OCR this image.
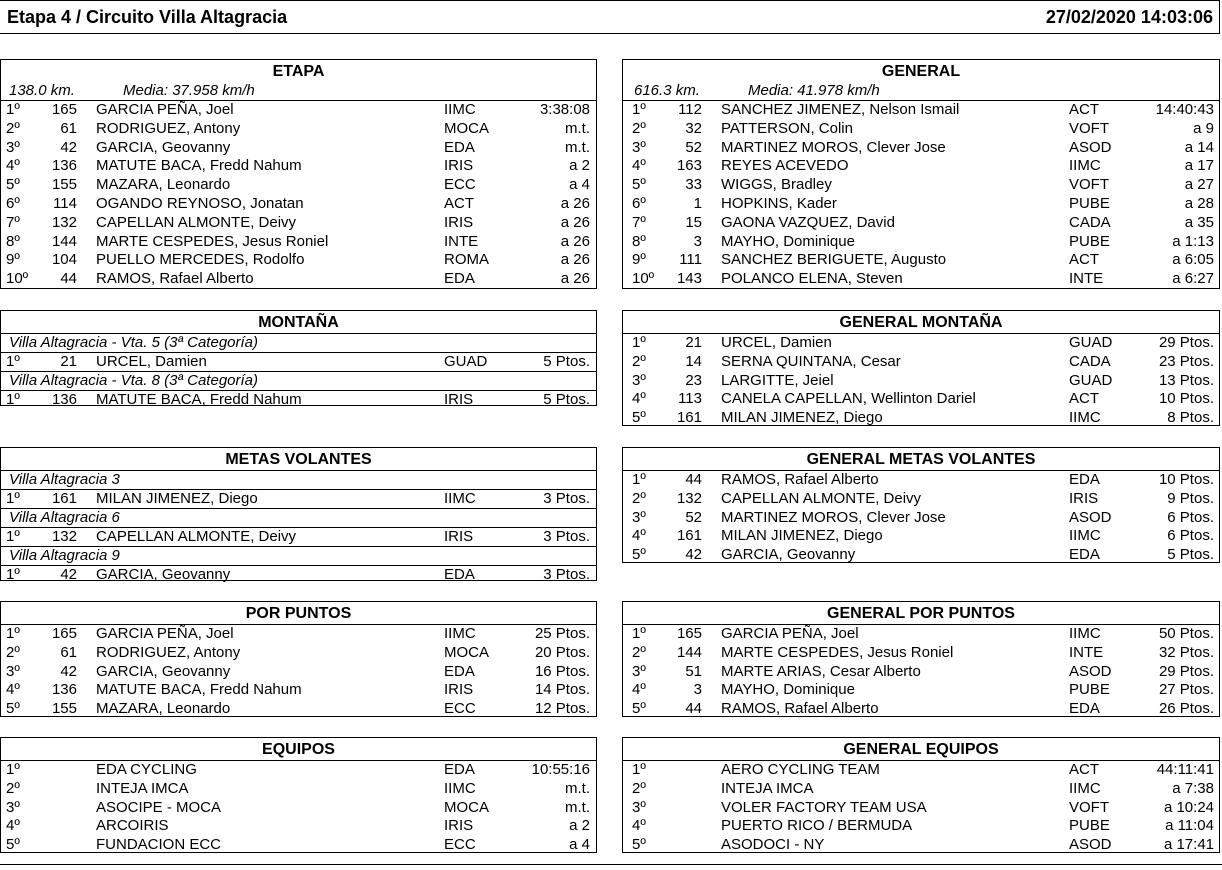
Etapa 4 / Circuito Villa Altagracia	27/02/2020 14:03:06
ETAPA
138.0 km.	Media: 37.958 km/h
1º	165 GARCIA PEÑA, Joel	IIMC	3:38:08
2º	61 RODRIGUEZ, Antony	MOCA	m.t.
3º	42 GARCIA, Geovanny	EDA	m.t.
4º	136 MATUTE BACA, Fredd Nahum	IRIS	a 2
5º	155 MAZARA, Leonardo	ECC	a 4
6º	114 OGANDO REYNOSO, Jonatan	ACT	a 26
7º	132 CAPELLAN ALMONTE, Deivy	IRIS	a 26
8º	144 MARTE CESPEDES, Jesus Roniel	INTE	a 26
9º	104 PUELLO MERCEDES, Rodolfo	ROMA	a 26
10º	44 RAMOS, Rafael Alberto	EDA	a 26
GENERAL
616.3 km.	Media: 41.978 km/h
1º	112 SANCHEZ JIMENEZ, Nelson Ismail	ACT	14:40:43
2º	32 PATTERSON, Colin	VOFT	a 9
3º	52 MARTINEZ MOROS, Clever Jose	ASOD	a 14
4º	163 REYES ACEVEDO	IIMC	a 17
5º	33 WIGGS, Bradley	VOFT	a 27
6º	1 HOPKINS, Kader	PUBE	a 28
7º	15 GAONA VAZQUEZ, David	CADA	a 35
8º	3 MAYHO, Dominique	PUBE	a 1:13
9º	111 SANCHEZ BERIGUETE, Augusto	ACT	a 6:05
10º	143 POLANCO ELENA, Steven	INTE	a 6:27
MONTAÑA
Villa Altagracia - Vta. 5 (3ª Categoría)
1º	21 URCEL, Damien	GUAD	5 Ptos.
Villa Altagracia - Vta. 8 (3ª Categoría)
1º	136 MATUTE BACA, Fredd Nahum	IRIS	5 Ptos.
GENERAL MONTAÑA
1º	21 URCEL, Damien	GUAD	29 Ptos.
2º	14 SERNA QUINTANA, Cesar	CADA	23 Ptos.
3º	23 LARGITTE, Jeiel	GUAD	13 Ptos.
4º	113 CANELA CAPELLAN, Wellinton Dariel	ACT	10 Ptos.
5º	161 MILAN JIMENEZ, Diego	IIMC	8 Ptos.
METAS VOLANTES
Villa Altagracia 3
1º	161 MILAN JIMENEZ, Diego	IIMC	3 Ptos.
Villa Altagracia 6
1º	132 CAPELLAN ALMONTE, Deivy	IRIS	3 Ptos.
Villa Altagracia 9
1º	42 GARCIA, Geovanny	EDA	3 Ptos.
GENERAL METAS VOLANTES
1º	44 RAMOS, Rafael Alberto	EDA	10 Ptos.
2º	132 CAPELLAN ALMONTE, Deivy	IRIS	9 Ptos.
3º	52 MARTINEZ MOROS, Clever Jose	ASOD	6 Ptos.
4º	161 MILAN JIMENEZ, Diego	IIMC	6 Ptos.
5º	42 GARCIA, Geovanny	EDA	5 Ptos.
POR PUNTOS
1º	165 GARCIA PEÑA, Joel	IIMC	25 Ptos.
2º	61 RODRIGUEZ, Antony	MOCA	20 Ptos.
3º	42 GARCIA, Geovanny	EDA	16 Ptos.
4º	136 MATUTE BACA, Fredd Nahum	IRIS	14 Ptos.
5º	155 MAZARA, Leonardo	ECC	12 Ptos.
GENERAL POR PUNTOS
1º	165 GARCIA PEÑA, Joel	IIMC	50 Ptos.
2º	144 MARTE CESPEDES, Jesus Roniel	INTE	32 Ptos.
3º	51 MARTE ARIAS, Cesar Alberto	ASOD	29 Ptos.
4º	3 MAYHO, Dominique	PUBE	27 Ptos.
5º	44 RAMOS, Rafael Alberto	EDA	26 Ptos.
EQUIPOS
1º	EDA CYCLING	EDA	10:55:16
2º	INTEJA IMCA	IIMC	m.t.
3º	ASOCIPE - MOCA	MOCA	m.t.
4º	ARCOIRIS	IRIS	a 2
5º	FUNDACION ECC	ECC	a 4
GENERAL EQUIPOS
1º	AERO CYCLING TEAM	ACT	44:11:41
2º	INTEJA IMCA	IIMC	a 7:38
3º	VOLER FACTORY TEAM USA	VOFT	a 10:24
4º	PUERTO RICO / BERMUDA	PUBE	a 11:04
5º	ASODOCI - NY	ASOD	a 17:41
